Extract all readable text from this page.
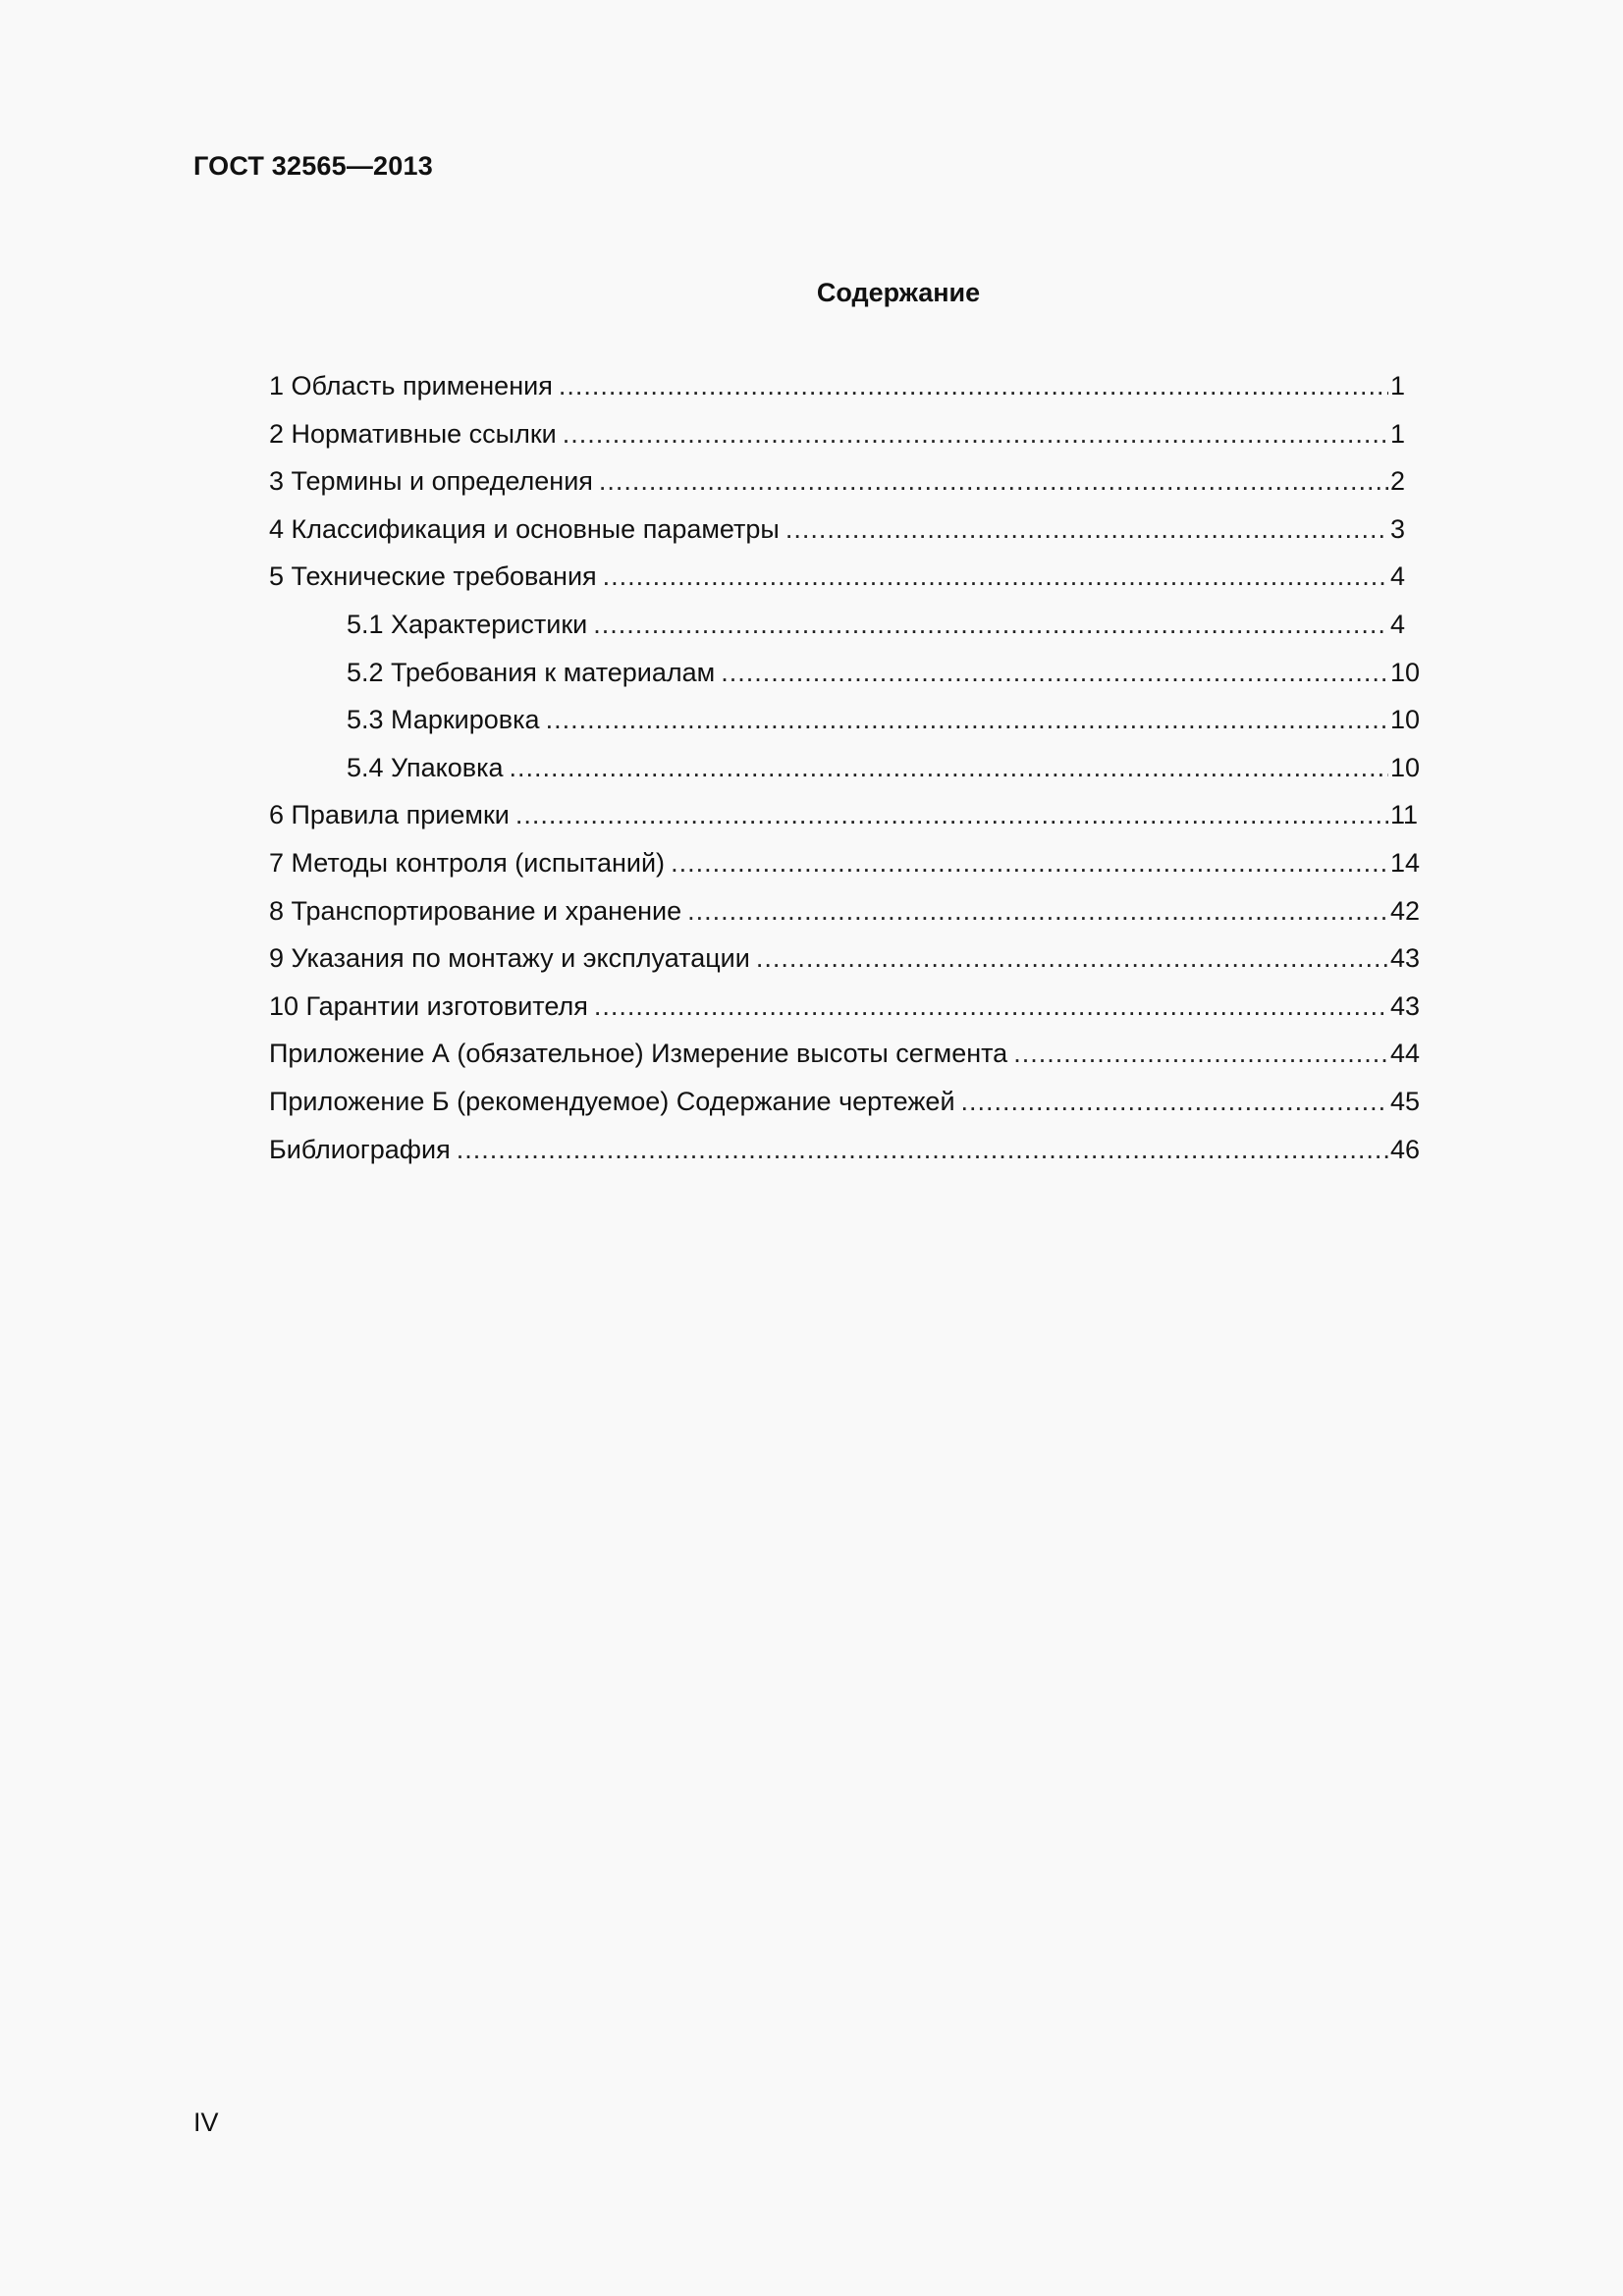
ГОСТ 32565—2013
Содержание
1 Область применения .....	1
2 Нормативные ссылки .....	1
3 Термины и определения .....	2
4 Классификация и основные параметры .....	3
5 Технические требования .....	4
5.1 Характеристики .....	4
5.2 Требования к материалам .....	10
5.3 Маркировка .....	10
5.4 Упаковка .....	10
6 Правила приемки .....	11
7 Методы контроля (испытаний) .....	14
8 Транспортирование и хранение .....	42
9 Указания по монтажу и эксплуатации .....	43
10 Гарантии изготовителя .....	43
Приложение А (обязательное) Измерение высоты сегмента .....	44
Приложение Б (рекомендуемое) Содержание чертежей .....	45
Библиография .....	46
IV
